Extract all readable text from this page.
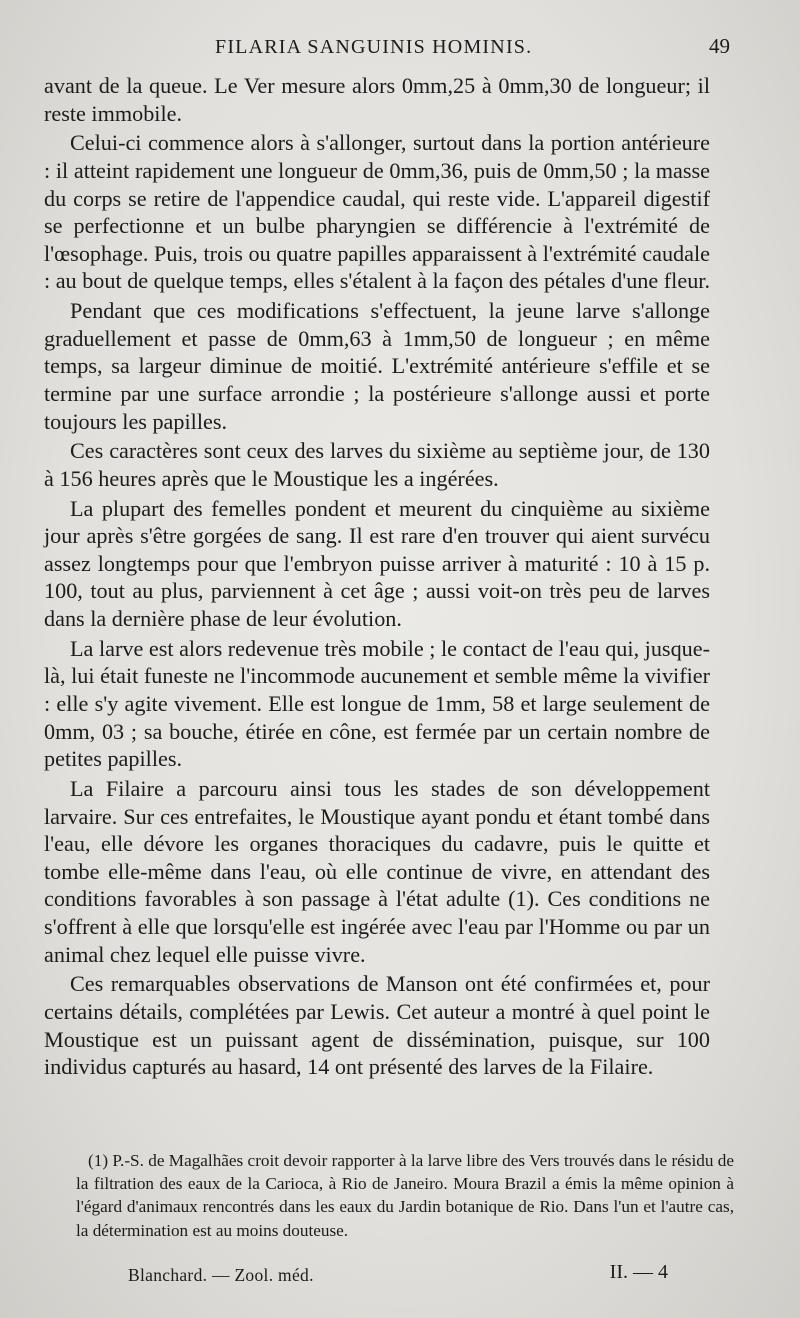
FILARIA SANGUINIS HOMINIS.	49

avant de la queue. Le Ver mesure alors 0mm,25 à 0mm,30 de longueur; il reste immobile.

Celui-ci commence alors à s'allonger, surtout dans la portion antérieure : il atteint rapidement une longueur de 0mm,36, puis de 0mm,50 ; la masse du corps se retire de l'appendice caudal, qui reste vide. L'appareil digestif se perfectionne et un bulbe pharyngien se différencie à l'extrémité de l'œsophage. Puis, trois ou quatre papilles apparaissent à l'extrémité caudale : au bout de quelque temps, elles s'étalent à la façon des pétales d'une fleur.

Pendant que ces modifications s'effectuent, la jeune larve s'allonge graduellement et passe de 0mm,63 à 1mm,50 de longueur ; en même temps, sa largeur diminue de moitié. L'extrémité antérieure s'effile et se termine par une surface arrondie ; la postérieure s'allonge aussi et porte toujours les papilles.

Ces caractères sont ceux des larves du sixième au septième jour, de 130 à 156 heures après que le Moustique les a ingérées.

La plupart des femelles pondent et meurent du cinquième au sixième jour après s'être gorgées de sang. Il est rare d'en trouver qui aient survécu assez longtemps pour que l'embryon puisse arriver à maturité : 10 à 15 p. 100, tout au plus, parviennent à cet âge ; aussi voit-on très peu de larves dans la dernière phase de leur évolution.

La larve est alors redevenue très mobile ; le contact de l'eau qui, jusque-là, lui était funeste ne l'incommode aucunement et semble même la vivifier : elle s'y agite vivement. Elle est longue de 1mm, 58 et large seulement de 0mm, 03 ; sa bouche, étirée en cône, est fermée par un certain nombre de petites papilles.

La Filaire a parcouru ainsi tous les stades de son développement larvaire. Sur ces entrefaites, le Moustique ayant pondu et étant tombé dans l'eau, elle dévore les organes thoraciques du cadavre, puis le quitte et tombe elle-même dans l'eau, où elle continue de vivre, en attendant des conditions favorables à son passage à l'état adulte (1). Ces conditions ne s'offrent à elle que lorsqu'elle est ingérée avec l'eau par l'Homme ou par un animal chez lequel elle puisse vivre.

Ces remarquables observations de Manson ont été confirmées et, pour certains détails, complétées par Lewis. Cet auteur a montré à quel point le Moustique est un puissant agent de dissémination, puisque, sur 100 individus capturés au hasard, 14 ont présenté des larves de la Filaire.

(1) P.-S. de Magalhães croit devoir rapporter à la larve libre des Vers trouvés dans le résidu de la filtration des eaux de la Carioca, à Rio de Janeiro. Moura Brazil a émis la même opinion à l'égard d'animaux rencontrés dans les eaux du Jardin botanique de Rio. Dans l'un et l'autre cas, la détermination est au moins douteuse.

Blanchard. — Zool. méd.	II. — 4
